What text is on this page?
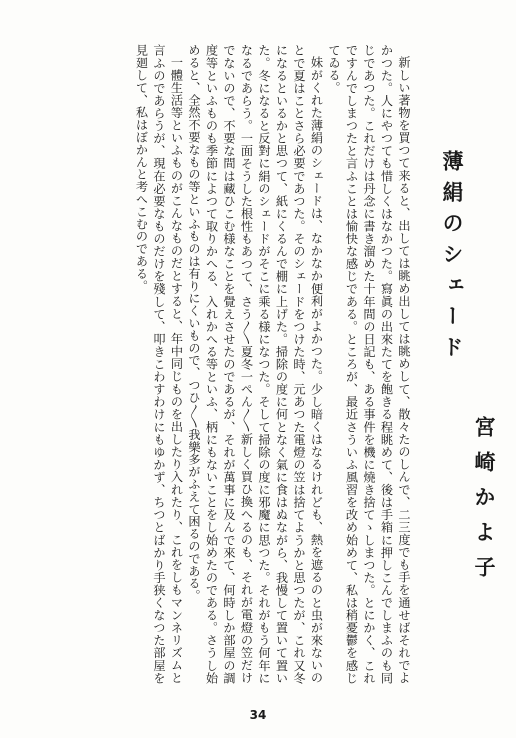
薄絹のシェード
宮崎かよ子

新しい著物を買つて来ると、出しては眺め出しては眺めして、散々たのしんで、二三度でも手を通せばそれでよかつた。人にやつても惜しくはなかつた。寫眞の出來たてを飽きる程眺めて、後は手箱に押しこんでしまふのも同じであつた。これだけは丹念に書き溜めた十年間の日記も、ある事件を機に燒き捨てゝしまつた。とにかく、これですんでしまつたと言ふことは愉快な感じである。ところが、最近さういふ風習を改め始めて、私は稍憂鬱を感じてゐる。

妹がくれた薄絹のシェードは、なかなか便利がよかつた。少し暗くはなるけれども、熱を遮るのと虫が來ないのとで夏はことさら必要であつた。そのシェードをつけた時、元あつた電燈の笠は捨てようかと思つたが、これ又冬になるといるかと思つて、紙にくるんで棚に上げた。掃除の度に何となく氣に食はぬながら、我慢して置いて置いた。冬になると反對に絹のシェードがそこに乘る様になつた。そして掃除の度に邪魔に思つた。それがもう何年になるであらう。一面そうした根性もあつて、さう〳〵夏冬一ぺん〳〵新しく買ひ換へるのも、それが電燈の笠だけでないので、不要な間は藏ひこむ様なことを覺えさせたのであるが、それが萬事に及んで來て、何時しか部屋の調度等といふものも季節によつて取りかへる、入れかへる等といふ、柄にもないことをし始めたのである。さうし始めると、全然不要なもの等といふものは有りにくいもので、つひ〳〵我樂多がふえて困るのである。

一體生活等といふものがこんなものだとすると、年中同じものを出したり入れたり、これをしもマンネリズムと言ふのであらうが、現在必要なものだけを殘して、叩きこわすわけにもゆかず、ちつとばかり手狭くなつた部屋を見廻して、私はぼかんと考へこむのである。

34
